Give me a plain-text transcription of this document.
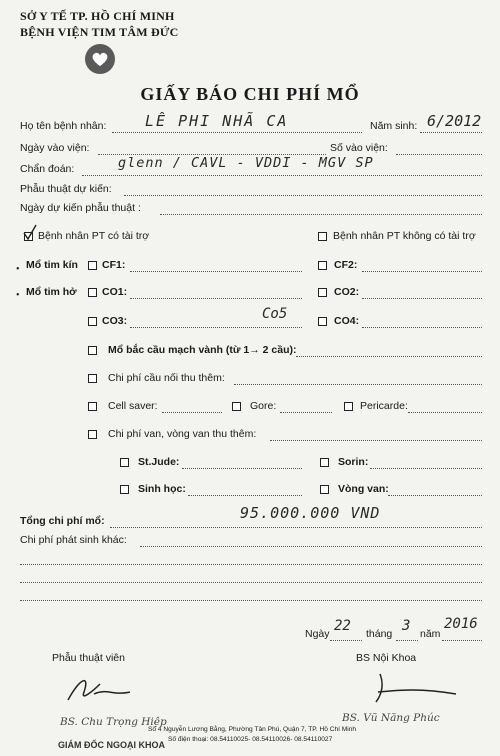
SỞ Y TẾ TP. HỒ CHÍ MINH
BỆNH VIỆN TIM TÂM ĐỨC
GIẤY BÁO CHI PHÍ MỔ
Họ tên bệnh nhân:	LÊ PHI NHÃ CA	Năm sinh: 6/2012
Ngày vào viện:	Số vào viện:
Chẩn đoán:	glenn / CAVL - VDDI - MGV SP
Phẫu thuật dự kiến:
Ngày dự kiến phẫu thuật :
Bệnh nhân PT có tài trợ	Bệnh nhân PT không có tài trợ
• Mổ tim kín CF1:	CF2:
• Mổ tim hở CO1:	CO2:
CO3:	Co5	CO4:
Mổ bắc cầu mạch vành (từ 1→ 2 cầu):
Chi phí cầu nối thu thêm:
Cell saver:	Gore:	Pericarde:
Chi phí van, vòng van thu thêm:
St.Jude:	Sorin:
Sinh học:	Vòng van:
Tổng chi phí mổ:	95.000.000 VND
Chi phí phát sinh khác:
Ngày 22 tháng 3 năm
2016
Phẫu thuật viên	BS Nội Khoa
BS. Chu Trọng Hiệp
GIÁM ĐỐC NGOẠI KHOA
BS. Vũ Năng Phúc
Số 4 Nguyễn Lương Bằng, Phường Tân Phú, Quận 7, TP. Hồ Chí Minh
Số điện thoại: 08.54110025- 08.54110026- 08.54110027
